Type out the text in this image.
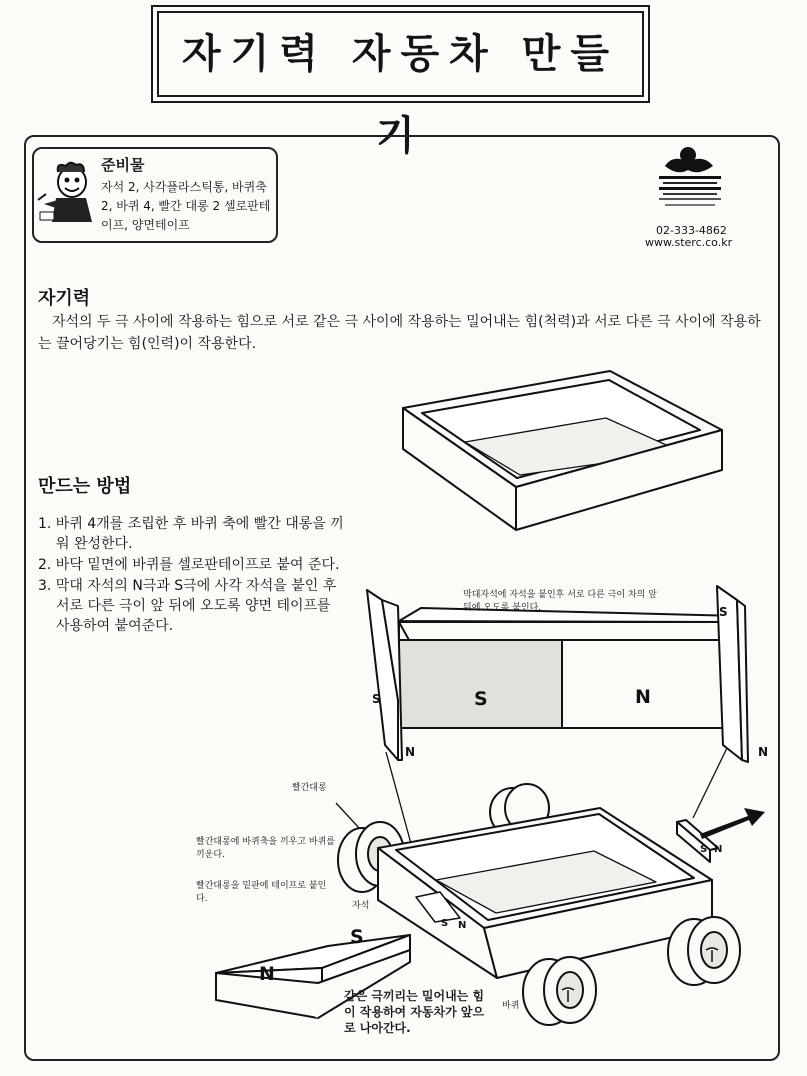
자기력 자동차 만들기
준비물
자석 2, 사각플라스틱통, 바퀴축 2, 바퀴 4, 빨간 대롱 2 셀로판테이프, 양면테이프	02-333-4862
www.sterc.co.kr
자기력
자석의 두 극 사이에 작용하는 힘으로 서로 같은 극 사이에 작용하는 밀어내는 힘(척력)과 서로 다른 극 사이에 작용하는 끌어당기는 힘(인력)이 작용한다.
만드는 방법
1. 바퀴 4개를 조립한 후 바퀴 축에 빨간 대롱을 끼워 완성한다.
2. 바닥 밑면에 바퀴를 셀로판테이프로 붙여 준다.
3. 막대 자석의 N극과 S극에 사각 자석을 붙인 후 서로 다른 극이 앞 뒤에 오도록 양면 테이프를 사용하여 붙여준다.
S
N
S
N
S N
S N
S	N
S
N
막대자석에 자석을 붙인후 서로 다른 극이 차의 앞뒤에 오도록 붙인다.
빨간대롱
빨간대롱에 바퀴축을 끼우고 바퀴를 끼운다.
빨간대롱을 밑판에 테이프로 붙인다.
자석
바퀴
같은 극끼리는 밀어내는 힘이 작용하여 자동차가 앞으로 나아간다.
